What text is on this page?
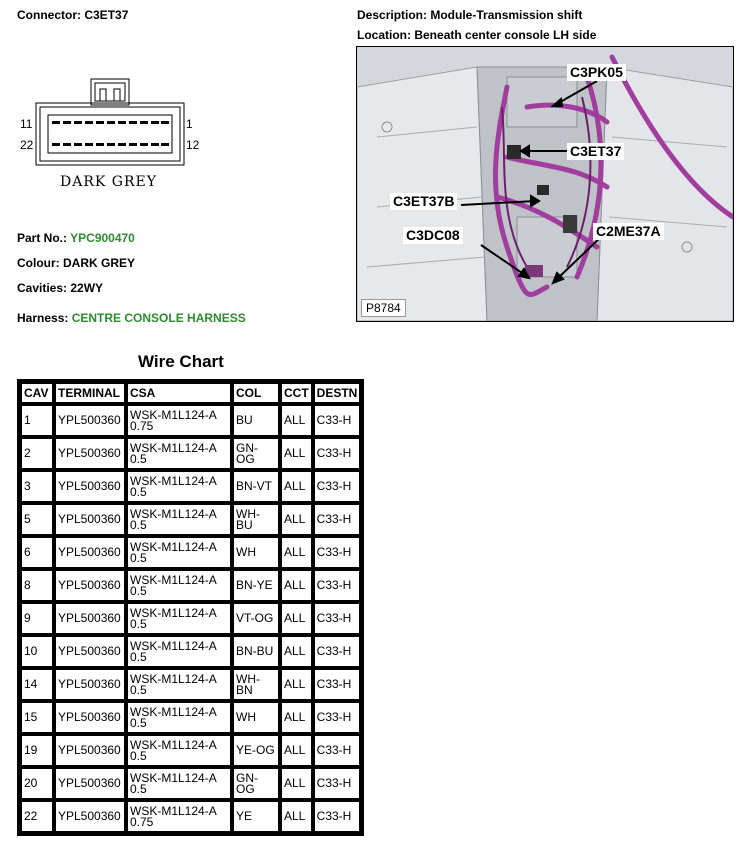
Connector: C3ET37	Description: Module-Transmission shift
Location: Beneath center console LH side
11	1
22	12
DARK GREY
Part No.: YPC900470
Colour: DARK GREY
Cavities: 22WY
Harness: CENTRE CONSOLE HARNESS
C3PK05
C3ET37
C3ET37B
C3DC08	C2ME37A
P8784
Wire Chart
CAV	TERMINAL	CSA	COL	CCT	DESTN
1	YPL500360	WSK-M1L124-A 0.75	BU	ALL	C33-H
2	YPL500360	WSK-M1L124-A 0.5	GN-OG	ALL	C33-H
3	YPL500360	WSK-M1L124-A 0.5	BN-VT	ALL	C33-H
5	YPL500360	WSK-M1L124-A 0.5	WH-BU	ALL	C33-H
6	YPL500360	WSK-M1L124-A 0.5	WH	ALL	C33-H
8	YPL500360	WSK-M1L124-A 0.5	BN-YE	ALL	C33-H
9	YPL500360	WSK-M1L124-A 0.5	VT-OG	ALL	C33-H
10	YPL500360	WSK-M1L124-A 0.5	BN-BU	ALL	C33-H
14	YPL500360	WSK-M1L124-A 0.5	WH-BN	ALL	C33-H
15	YPL500360	WSK-M1L124-A 0.5	WH	ALL	C33-H
19	YPL500360	WSK-M1L124-A 0.5	YE-OG	ALL	C33-H
20	YPL500360	WSK-M1L124-A 0.5	GN-OG	ALL	C33-H
22	YPL500360	WSK-M1L124-A 0.75	YE	ALL	C33-H
